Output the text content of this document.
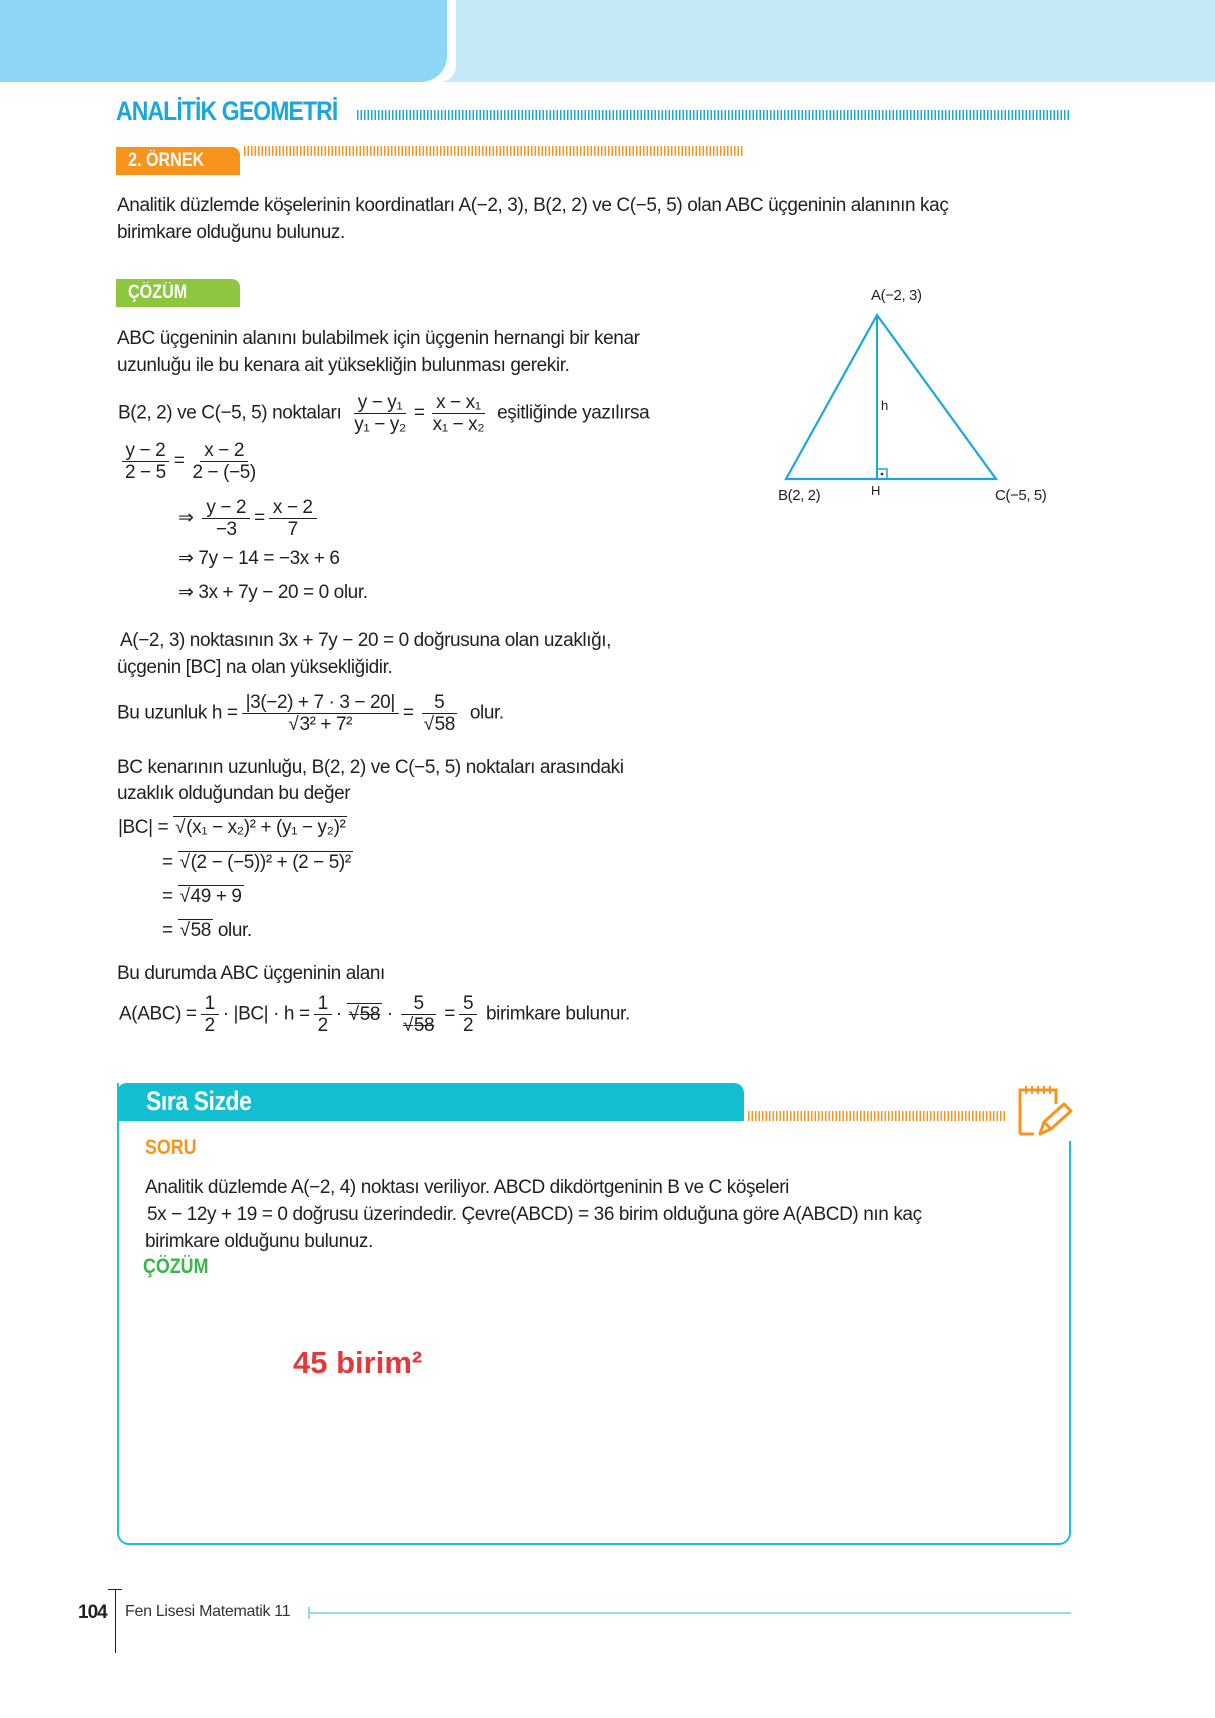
ANALİTİK GEOMETRİ
2. ÖRNEK
Analitik düzlemde köşelerinin koordinatları A(−2, 3), B(2, 2) ve C(−5, 5) olan ABC üçgeninin alanının kaç
birimkare olduğunu bulunuz.
ÇÖZÜM
ABC üçgeninin alanını bulabilmek için üçgenin hernangi bir kenar
uzunluğu ile bu kenara ait yüksekliğin bulunması gerekir.
B(2, 2) ve C(−5, 5) noktaları $\frac{\text{y − y₁}}{\text{y₁ − y₂}} = \frac{\text{x − x₁}}{\text{x₁ − x₂}}$ eşitliğinde yazılırsa
$\frac{y - 2}{2 - 5} = \frac{x - 2}{2 - (-5)}$
⇒ $\frac{y - 2}{-3} = \frac{x - 2}{7}$
⇒ 7y − 14 = −3x + 6
⇒ 3x + 7y − 20 = 0 olur.
A(−2, 3) noktasının 3x + 7y − 20 = 0 doğrusuna olan uzaklığı,
üçgenin [BC] na olan yüksekliğidir.
Bu uzunluk h = |3(−2) + 7 · 3 − 20|
√ 3² + 7² = 5
√ 58 olur.
BC kenarının uzunluğu, B(2, 2) ve C(−5, 5) noktaları arasındaki
uzaklık olduğundan bu değer
|BC| = √ (x₁ − x₂)² + (y₁ − y₂)²
= √ (2 − (−5))² + (2 − 5)²
= √ 49 + 9
= √ 58 olur.
Bu durumda ABC üçgeninin alanı
$A(ABC) = \frac{1}{2} \cdot |BC| \cdot h = \frac{1}{2}$ · √ 58 · 5
√ $58 = \frac{5}{2}$ birimkare bulunur.
A(−2, 3)
B(2, 2)	C(−5, 5)
H
h
Sıra Sizde
SORU
Analitik düzlemde A(−2, 4) noktası veriliyor. ABCD dikdörtgeninin B ve C köşeleri
5x − 12y + 19 = 0 doğrusu üzerindedir. Çevre(ABCD) = 36 birim olduğuna göre A(ABCD) nın kaç
birimkare olduğunu bulunuz.
ÇÖZÜM
45 birim²
104 Fen Lisesi Matematik 11
